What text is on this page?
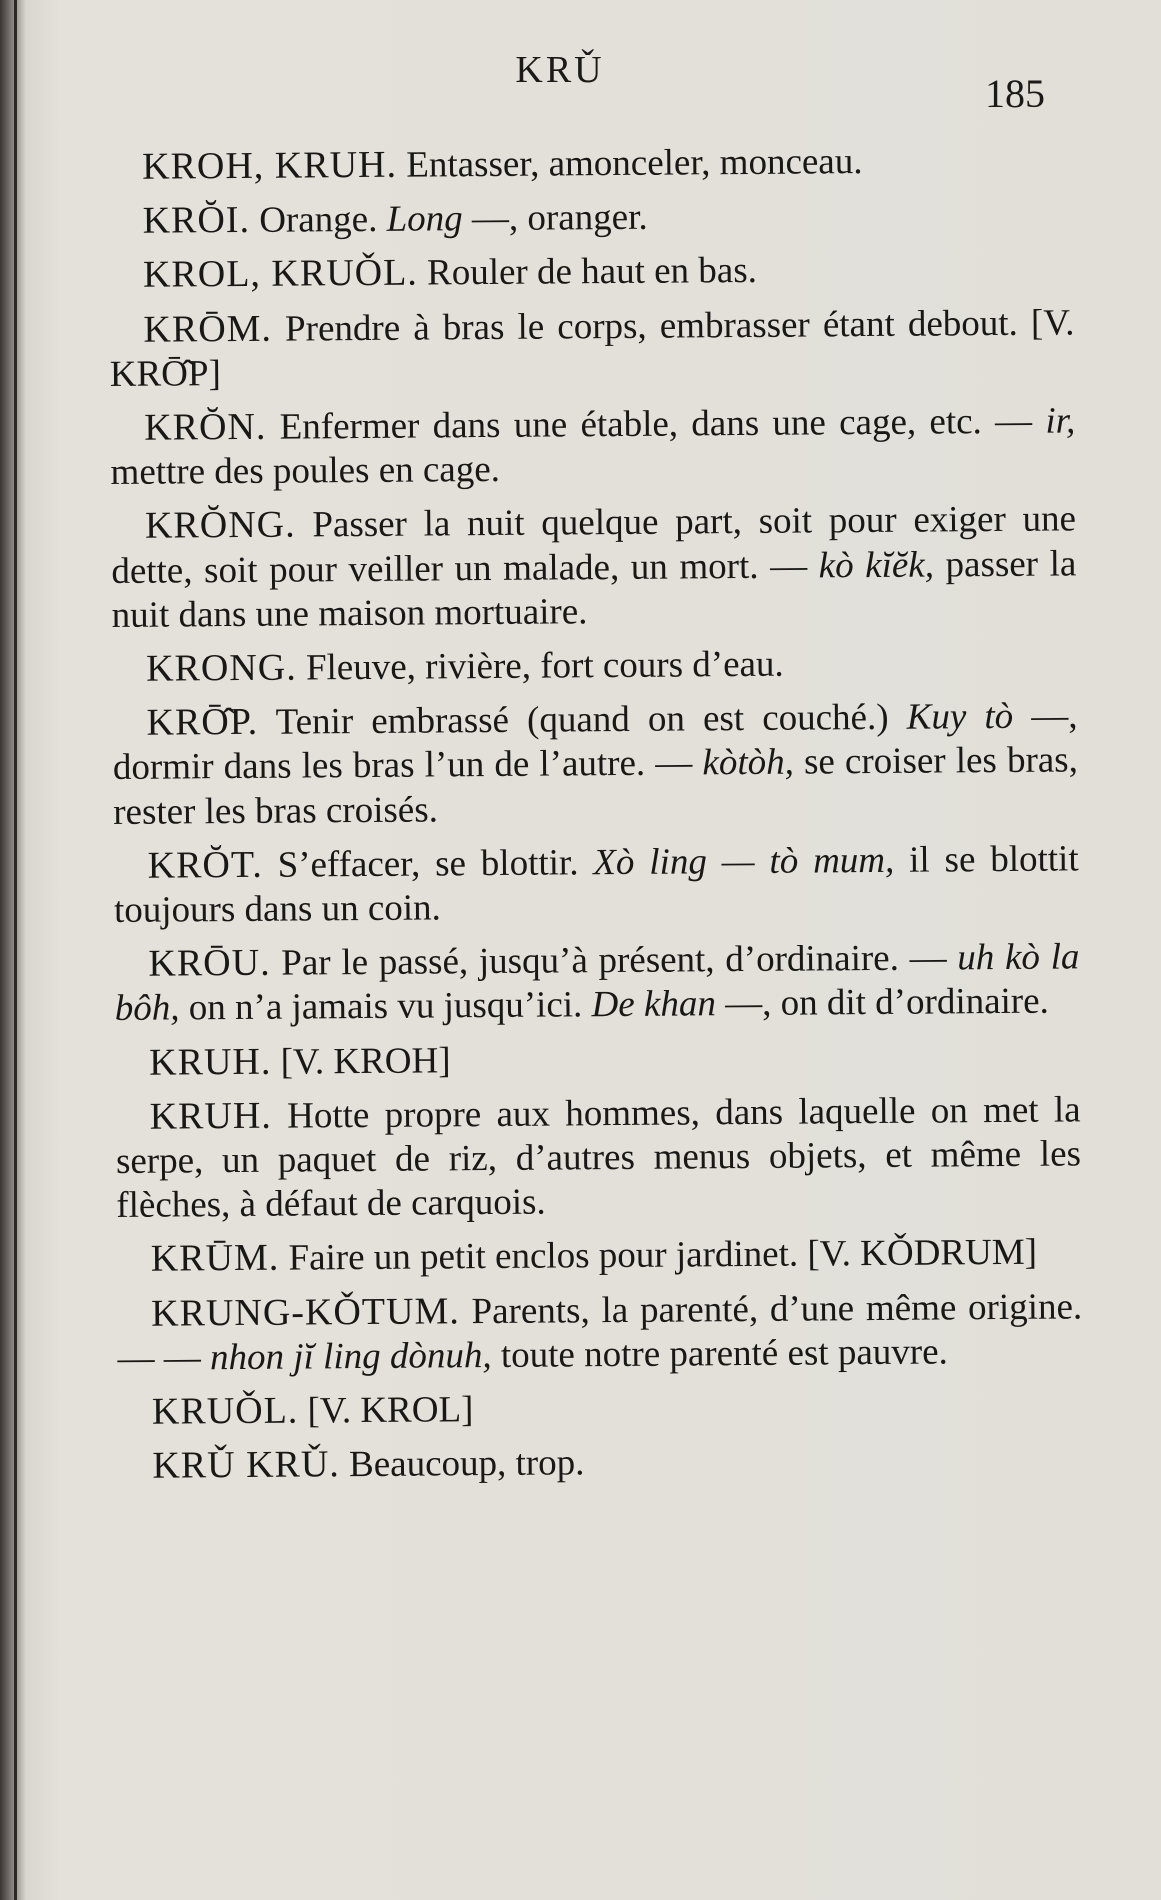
KRǓ
185

KROH, KRUH. Entasser, amonceler, monceau.

KRŎI. Orange. Long —, oranger.

KROL, KRUǑL. Rouler de haut en bas.

KRŌM. Prendre à bras le corps, embrasser étant debout. [V. KRŌ̂P]

KRŎN. Enfermer dans une étable, dans une cage, etc. — ir, mettre des poules en cage.

KRŎNG. Passer la nuit quelque part, soit pour exiger une dette, soit pour veiller un malade, un mort. — kò kĭĕk, passer la nuit dans une maison mortuaire.

KRONG. Fleuve, rivière, fort cours d’eau.

KRŌ̂P. Tenir embrassé (quand on est couché.) Kuy tò —, dormir dans les bras l’un de l’autre. — kòtòh, se croiser les bras, rester les bras croisés.

KRŎT. S’effacer, se blottir. Xò ling — tò mum, il se blottit toujours dans un coin.

KRŌU. Par le passé, jusqu’à présent, d’ordinaire. — uh kò la bôh, on n’a jamais vu jusqu’ici. De khan —, on dit d’ordinaire.

KRUH. [V. KROH]

KRUH. Hotte propre aux hommes, dans laquelle on met la serpe, un paquet de riz, d’autres menus objets, et même les flèches, à défaut de carquois.

KRŪM. Faire un petit enclos pour jardinet. [V. KǑDRUM]

KRUNG-KǑTUM. Parents, la parenté, d’une même origine. — — nhon jĭ ling dònuh, toute notre parenté est pauvre.

KRUǑL. [V. KROL]

KRǓ KRǓ. Beaucoup, trop.
